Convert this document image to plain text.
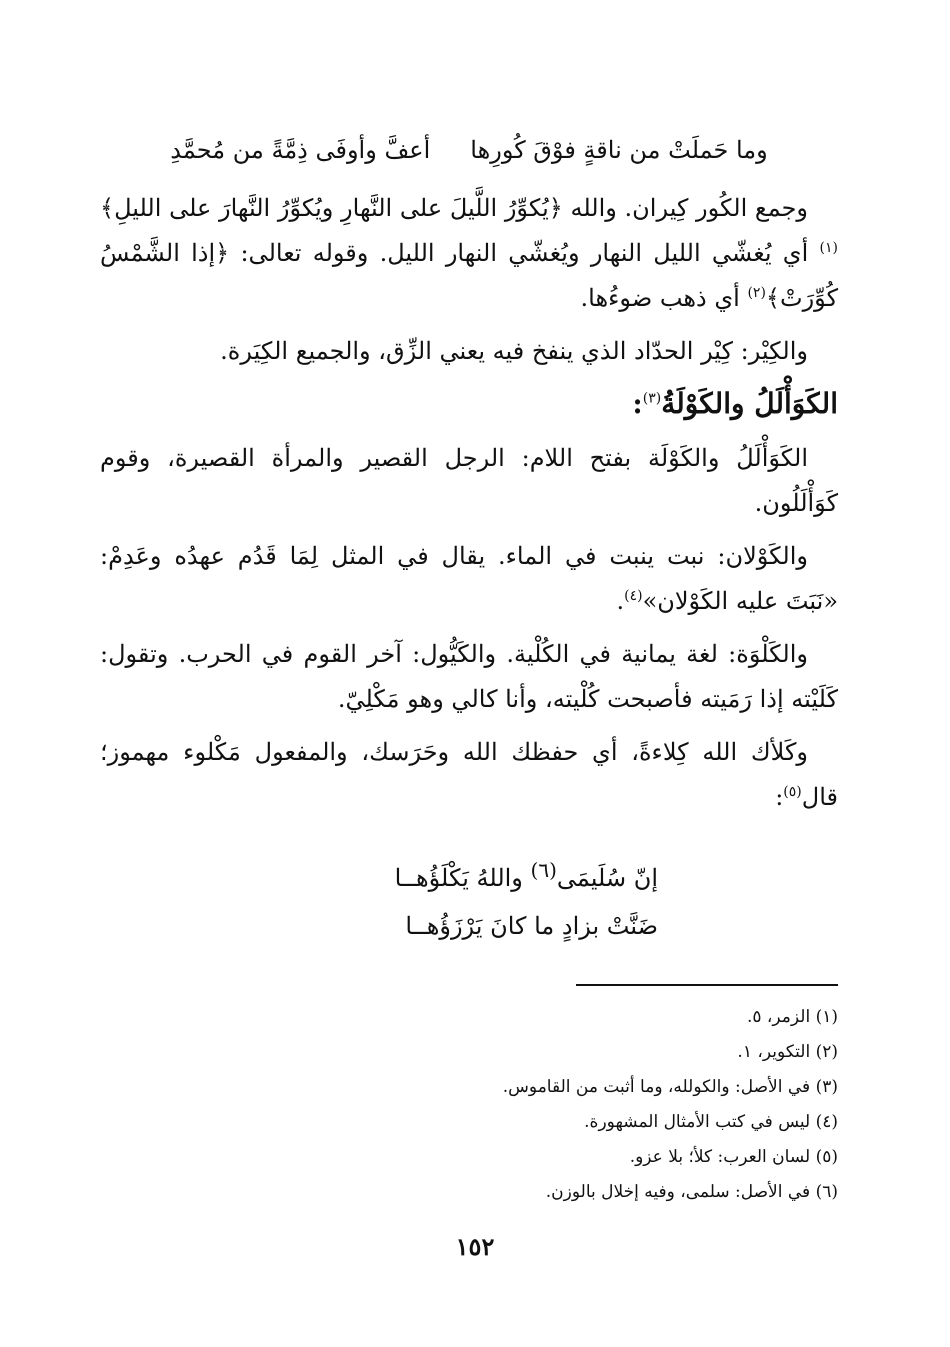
وما حَملَتْ من ناقةٍ فوْقَ كُورِها
أعفَّ وأوفَى ذِمَّةً من مُحمَّدِ

وجمع الكُور كِيران. والله ﴿يُكوِّرُ اللَّيلَ على النَّهارِ ويُكوِّرُ النَّهارَ على الليلِ﴾$^{(١)}$ أي يُغشّي الليل النهار ويُغشّي النهار الليل. وقوله تعالى: ﴿إذا الشَّمْسُ كُوِّرَتْ﴾$^{(٢)}$ أي ذهب ضوءُها.

والكِيْر: كِيْر الحدّاد الذي ينفخ فيه يعني الزِّق، والجميع الكِيَرة.

الكَوَأْلَلُ والكَوْلَةُ$^{(٣)}$:

الكَوَأْلَلُ والكَوْلَة بفتح اللام: الرجل القصير والمرأة القصيرة، وقوم كَوَأْلَلُون.

والكَوْلان: نبت ينبت في الماء. يقال في المثل لِمَا قَدُم عهدُه وعَدِمْ: «نَبَتَ عليه الكَوْلان»$^{(٤)}$.

والكَلْوَة: لغة يمانية في الكُلْية. والكَيُّول: آخر القوم في الحرب. وتقول: كَلَيْته إذا رَمَيته فأصبحت كُلْيته، وأنا كالي وهو مَكْلِيّ.

وكَلأك الله كِلاءةً، أي حفظك الله وحَرَسك، والمفعول مَكْلوء مهموز؛ قال$^{(٥)}$:

إنّ سُلَيمَى$^{(٦)}$ واللهُ يَكْلَؤُهــا
ضَنَّتْ بزادٍ ما كانَ يَرْزَؤُهــا
(١) الزمر، ٥.
(٢) التكوير، ١.
(٣) في الأصل: والكولله، وما أثبت من القاموس.
(٤) ليس في كتب الأمثال المشهورة.
(٥) لسان العرب: كلأ؛ بلا عزو.
(٦) في الأصل: سلمى، وفيه إخلال بالوزن.
١٥٢
